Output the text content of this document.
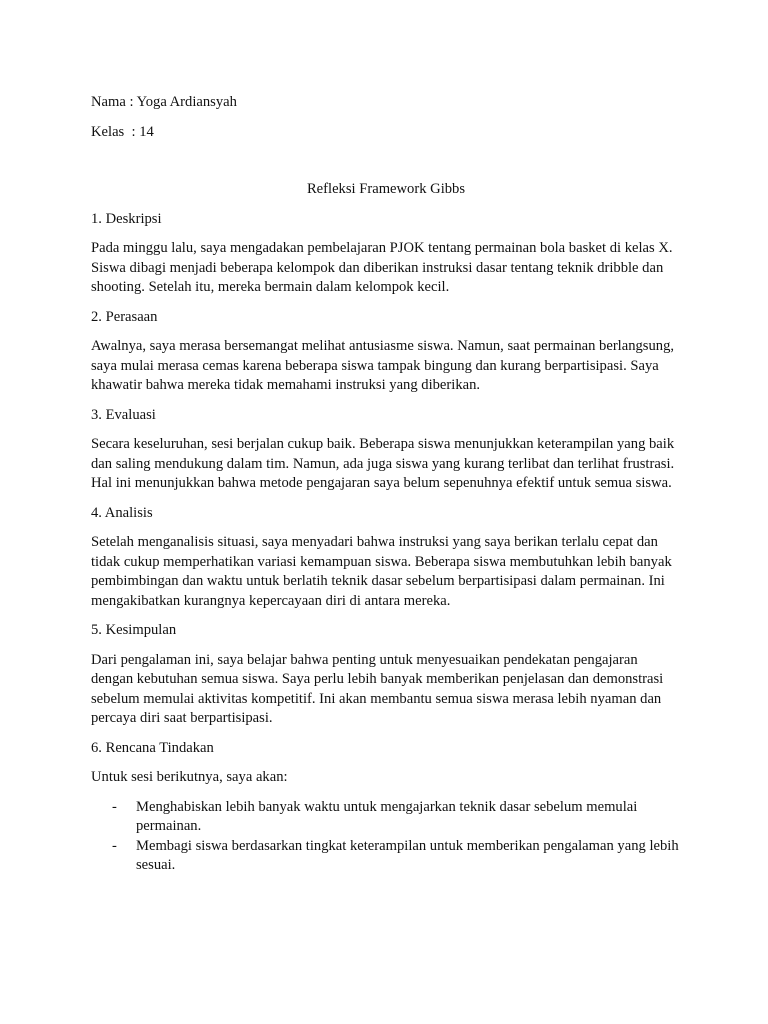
Nama : Yoga Ardiansyah

Kelas  : 14

Refleksi Framework Gibbs

1. Deskripsi

Pada minggu lalu, saya mengadakan pembelajaran PJOK tentang permainan bola basket di kelas X. Siswa dibagi menjadi beberapa kelompok dan diberikan instruksi dasar tentang teknik dribble dan shooting. Setelah itu, mereka bermain dalam kelompok kecil.

2. Perasaan

Awalnya, saya merasa bersemangat melihat antusiasme siswa. Namun, saat permainan berlangsung, saya mulai merasa cemas karena beberapa siswa tampak bingung dan kurang berpartisipasi. Saya khawatir bahwa mereka tidak memahami instruksi yang diberikan.

3. Evaluasi

Secara keseluruhan, sesi berjalan cukup baik. Beberapa siswa menunjukkan keterampilan yang baik dan saling mendukung dalam tim. Namun, ada juga siswa yang kurang terlibat dan terlihat frustrasi. Hal ini menunjukkan bahwa metode pengajaran saya belum sepenuhnya efektif untuk semua siswa.

4. Analisis

Setelah menganalisis situasi, saya menyadari bahwa instruksi yang saya berikan terlalu cepat dan tidak cukup memperhatikan variasi kemampuan siswa. Beberapa siswa membutuhkan lebih banyak pembimbingan dan waktu untuk berlatih teknik dasar sebelum berpartisipasi dalam permainan. Ini mengakibatkan kurangnya kepercayaan diri di antara mereka.

5. Kesimpulan

Dari pengalaman ini, saya belajar bahwa penting untuk menyesuaikan pendekatan pengajaran dengan kebutuhan semua siswa. Saya perlu lebih banyak memberikan penjelasan dan demonstrasi sebelum memulai aktivitas kompetitif. Ini akan membantu semua siswa merasa lebih nyaman dan percaya diri saat berpartisipasi.

6. Rencana Tindakan

Untuk sesi berikutnya, saya akan:

- Menghabiskan lebih banyak waktu untuk mengajarkan teknik dasar sebelum memulai permainan.
- Membagi siswa berdasarkan tingkat keterampilan untuk memberikan pengalaman yang lebih sesuai.
